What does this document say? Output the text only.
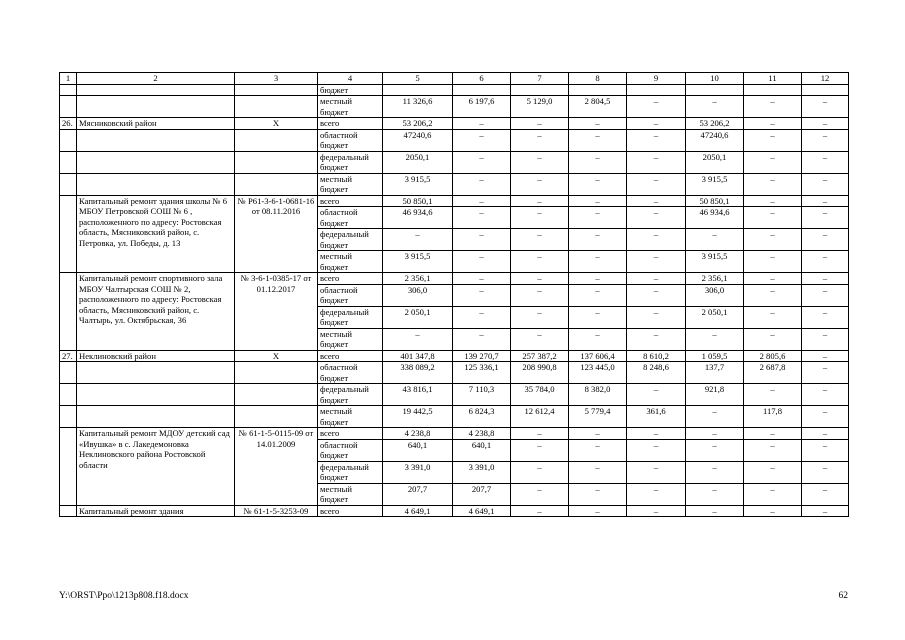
1	2	3	4	5	6	7	8	9	10	11	12
			бюджет								
			местный бюджет	11 326,6	6 197,6	5 129,0	2 804,5	–	–	–	–
26.	Мясниковский район	Х	всего	53 206,2	–	–	–	–	53 206,2	–	–
			областной бюджет	47240,6	–	–	–	–	47240,6	–	–
			федеральный бюджет	2050,1	–	–	–	–	2050,1	–	–
			местный бюджет	3 915,5	–	–	–	–	3 915,5	–	–
	Капитальный ремонт здания школы № 6 МБОУ Петровской СОШ № 6 , расположенного по адресу: Ростовская область, Мясниковский район, с. Петровка, ул. Победы, д. 13	№ Р61-3-6-1-0681-16 от 08.11.2016	всего	50 850,1	–	–	–	–	50 850,1	–	–
			областной бюджет	46 934,6	–	–	–	–	46 934,6	–	–
			федеральный бюджет	–	–	–	–	–	–	–	–
			местный бюджет	3 915,5	–	–	–	–	3 915,5	–	–
	Капитальный ремонт спортивного зала МБОУ Чалтырская СОШ № 2, расположенного по адресу: Ростовская область, Мясниковский район, с. Чалтырь, ул. Октябрьская, 36	№ 3-6-1-0385-17 от 01.12.2017	всего	2 356,1	–	–	–	–	2 356,1	–	–
			областной бюджет	306,0	–	–	–	–	306,0	–	–
			федеральный бюджет	2 050,1	–	–	–	–	2 050,1	–	–
			местный бюджет	–	–	–	–	–	–	–	–
27.	Неклиновский район	Х	всего	401 347,8	139 270,7	257 387,2	137 606,4	8 610,2	1 059,5	2 805,6	–
			областной бюджет	338 089,2	125 336,1	208 990,8	123 445,0	8 248,6	137,7	2 687,8	–
			федеральный бюджет	43 816,1	7 110,3	35 784,0	8 382,0	–	921,8	–	–
			местный бюджет	19 442,5	6 824,3	12 612,4	5 779,4	361,6	–	117,8	–
	Капитальный ремонт МДОУ детский сад «Ивушка» в с. Лакедемоновка Неклиновского района Ростовской области	№ 61-1-5-0115-09 от 14.01.2009	всего	4 238,8	4 238,8	–	–	–	–	–	–
			областной бюджет	640,1	640,1	–	–	–	–	–	–
			федеральный бюджет	3 391,0	3 391,0	–	–	–	–	–	–
			местный бюджет	207,7	207,7	–	–	–	–	–	–
	Капитальный ремонт здания	№ 61-1-5-3253-09	всего	4 649,1	4 649,1	–	–	–	–	–	–
Y:\ORST\Ppo\1213p808.f18.docx	62
